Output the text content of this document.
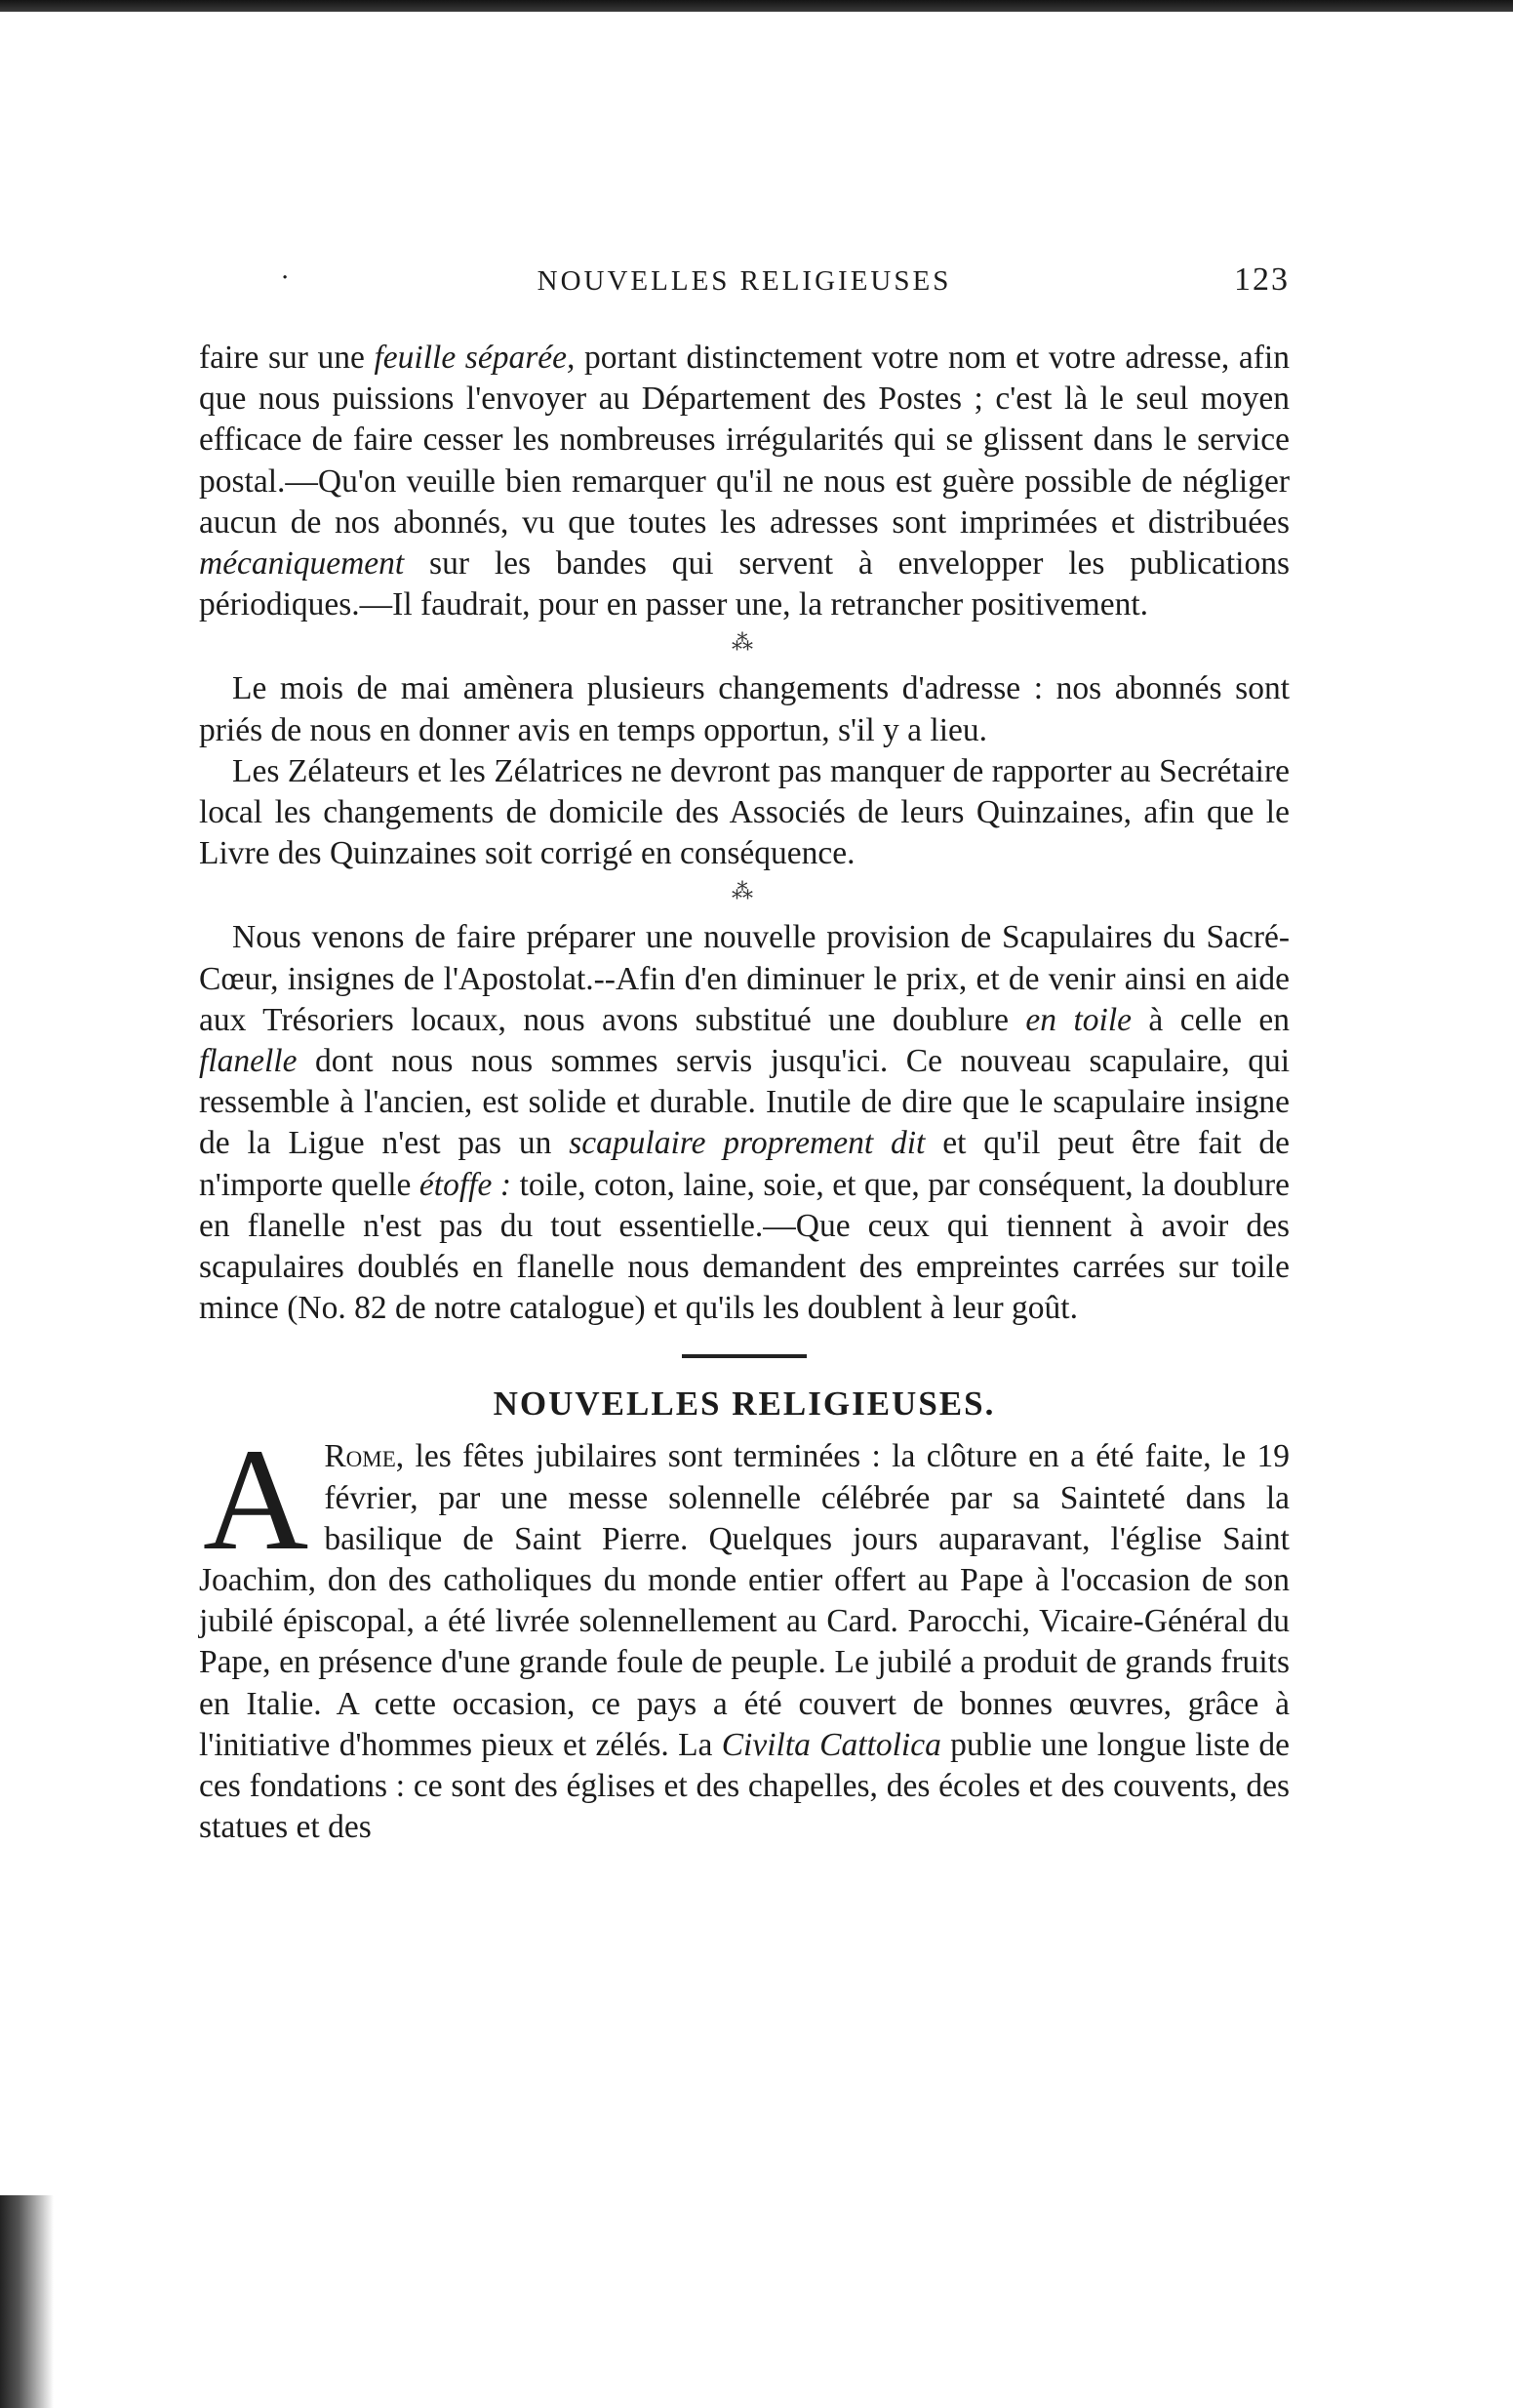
·	NOUVELLES RELIGIEUSES	123

faire sur une feuille séparée, portant distinctement votre nom et votre adresse, afin que nous puissions l'envoyer au Département des Postes ; c'est là le seul moyen efficace de faire cesser les nombreuses irrégularités qui se glissent dans le service postal.—Qu'on veuille bien remarquer qu'il ne nous est guère possible de négliger aucun de nos abonnés, vu que toutes les adresses sont imprimées et distribuées mécaniquement sur les bandes qui servent à envelopper les publications périodiques.—Il faudrait, pour en passer une, la retrancher positivement.

⁂

Le mois de mai amènera plusieurs changements d'adresse : nos abonnés sont priés de nous en donner avis en temps opportun, s'il y a lieu.

Les Zélateurs et les Zélatrices ne devront pas manquer de rapporter au Secrétaire local les changements de domicile des Associés de leurs Quinzaines, afin que le Livre des Quinzaines soit corrigé en conséquence.

⁂

Nous venons de faire préparer une nouvelle provision de Scapulaires du Sacré-Cœur, insignes de l'Apostolat.--Afin d'en diminuer le prix, et de venir ainsi en aide aux Trésoriers locaux, nous avons substitué une doublure en toile à celle en flanelle dont nous nous sommes servis jusqu'ici. Ce nouveau scapulaire, qui ressemble à l'ancien, est solide et durable. Inutile de dire que le scapulaire insigne de la Ligue n'est pas un scapulaire proprement dit et qu'il peut être fait de n'importe quelle étoffe : toile, coton, laine, soie, et que, par conséquent, la doublure en flanelle n'est pas du tout essentielle.—Que ceux qui tiennent à avoir des scapulaires doublés en flanelle nous demandent des empreintes carrées sur toile mince (No. 82 de notre catalogue) et qu'ils les doublent à leur goût.

NOUVELLES RELIGIEUSES.

A Rome, les fêtes jubilaires sont terminées : la clôture en a été faite, le 19 février, par une messe solennelle célébrée par sa Sainteté dans la basilique de Saint Pierre. Quelques jours auparavant, l'église Saint Joachim, don des catholiques du monde entier offert au Pape à l'occasion de son jubilé épiscopal, a été livrée solennellement au Card. Parocchi, Vicaire-Général du Pape, en présence d'une grande foule de peuple. Le jubilé a produit de grands fruits en Italie. A cette occasion, ce pays a été couvert de bonnes œuvres, grâce à l'initiative d'hommes pieux et zélés. La Civilta Cattolica publie une longue liste de ces fondations : ce sont des églises et des chapelles, des écoles et des couvents, des statues et des
